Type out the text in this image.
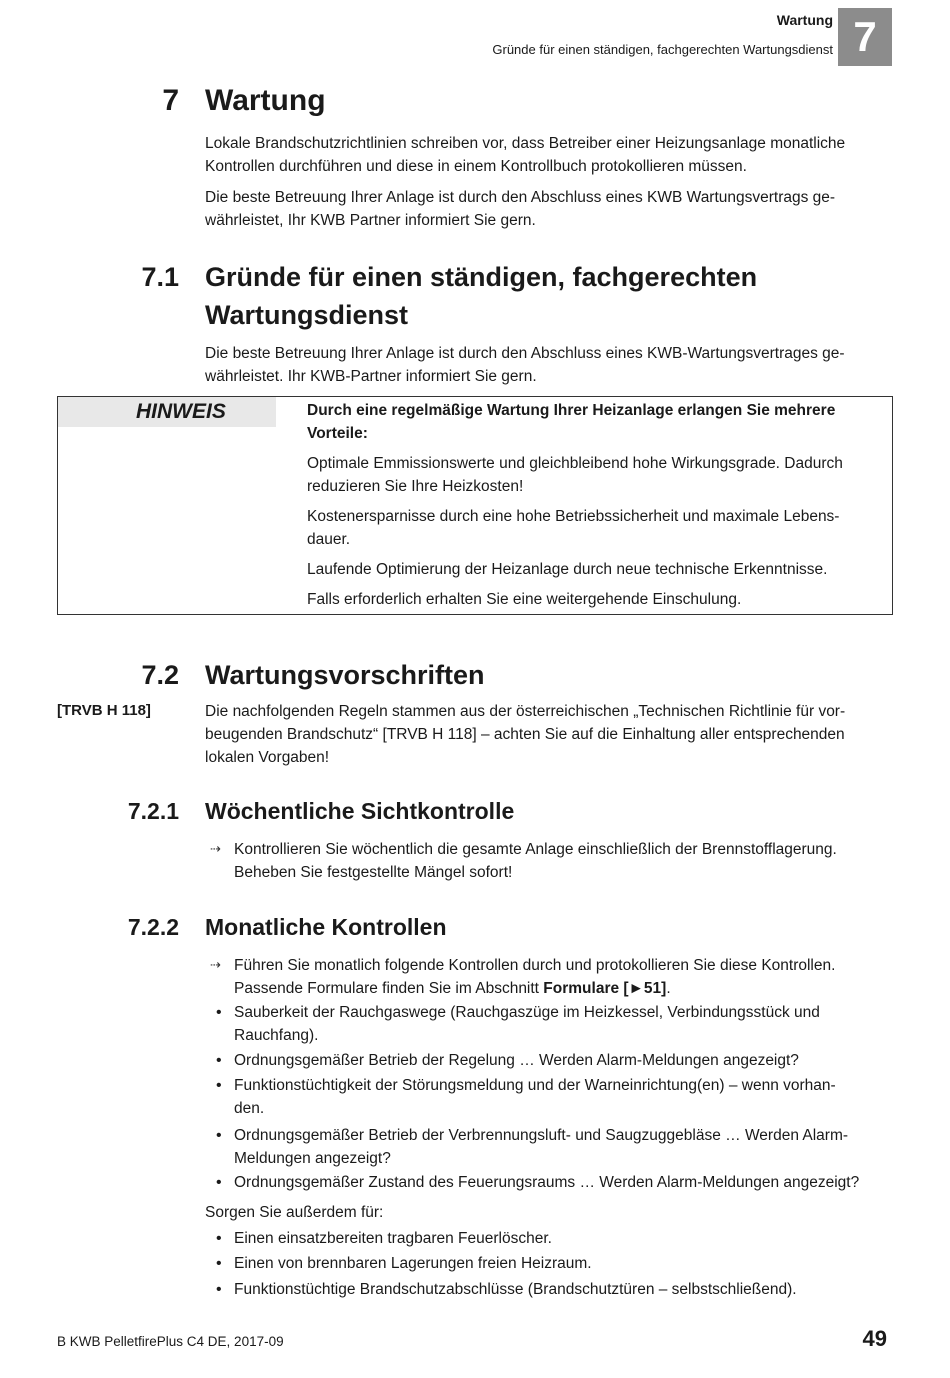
Wartung
Gründe für einen ständigen, fachgerechten Wartungsdienst 7
7 Wartung
Lokale Brandschutzrichtlinien schreiben vor, dass Betreiber einer Heizungsanlage monatliche
Kontrollen durchführen und diese in einem Kontrollbuch protokollieren müssen.
Die beste Betreuung Ihrer Anlage ist durch den Abschluss eines KWB Wartungsvertrags ge-
währleistet, Ihr KWB Partner informiert Sie gern.
7.1 Gründe für einen ständigen, fachgerechten
Wartungsdienst
Die beste Betreuung Ihrer Anlage ist durch den Abschluss eines KWB-Wartungsvertrages ge-
währleistet. Ihr KWB-Partner informiert Sie gern.
HINWEIS	Durch eine regelmäßige Wartung Ihrer Heizanlage erlangen Sie mehrere
Vorteile:
Optimale Emmissionswerte und gleichbleibend hohe Wirkungsgrade. Dadurch
reduzieren Sie Ihre Heizkosten!
Kostenersparnisse durch eine hohe Betriebssicherheit und maximale Lebens-
dauer.
Laufende Optimierung der Heizanlage durch neue technische Erkenntnisse.
Falls erforderlich erhalten Sie eine weitergehende Einschulung.
7.2 Wartungsvorschriften
[TRVB H 118]	Die nachfolgenden Regeln stammen aus der österreichischen „Technischen Richtlinie für vor-
beugenden Brandschutz“ [TRVB H 118] – achten Sie auf die Einhaltung aller entsprechenden
lokalen Vorgaben!
7.2.1 Wöchentliche Sichtkontrolle
⇢ Kontrollieren Sie wöchentlich die gesamte Anlage einschließlich der Brennstofflagerung.
Beheben Sie festgestellte Mängel sofort!
7.2.2 Monatliche Kontrollen
⇢ Führen Sie monatlich folgende Kontrollen durch und protokollieren Sie diese Kontrollen.
Passende Formulare finden Sie im Abschnitt Formulare [►51].
• Sauberkeit der Rauchgaswege (Rauchgaszüge im Heizkessel, Verbindungsstück und
Rauchfang).
• Ordnungsgemäßer Betrieb der Regelung … Werden Alarm-Meldungen angezeigt?
• Funktionstüchtigkeit der Störungsmeldung und der Warneinrichtung(en) – wenn vorhan-
den.
• Ordnungsgemäßer Betrieb der Verbrennungsluft- und Saugzuggebläse … Werden Alarm-
Meldungen angezeigt?
• Ordnungsgemäßer Zustand des Feuerungsraums … Werden Alarm-Meldungen angezeigt?
Sorgen Sie außerdem für:
• Einen einsatzbereiten tragbaren Feuerlöscher.
• Einen von brennbaren Lagerungen freien Heizraum.
• Funktionstüchtige Brandschutzabschlüsse (Brandschutztüren – selbstschließend).
B KWB PelletfirePlus C4 DE, 2017-09	49
